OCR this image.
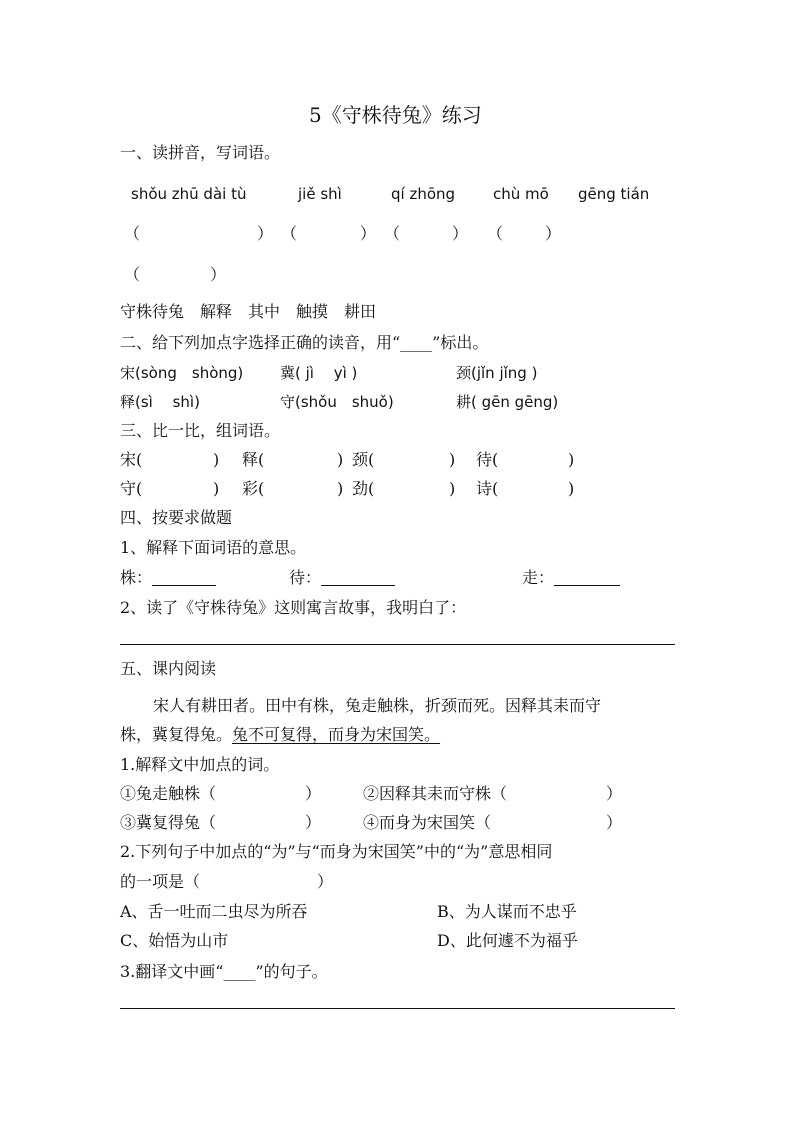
5《守株待兔》练习
一、读拼音，写词语。
shǒu zhū dài tù	jiě shì	qí zhōng	chù mō gēng tián
（	） （	） （	） （	）
（	）
守株待兔　解释　其中　触摸　耕田
二、给下列加点字选择正确的读音，用“____”标出。
宋(sòng　shòng) 冀( jì　 yì )	颈(jǐn jǐng )
释(sì　 shì)	守(shǒu　shuǒ)	耕( gēn gēng)
三、比一比，组词语。
宋(	) 释(	) 颈(	) 待(	)
守(	) 彩(	) 劲(	) 诗(	)
四、按要求做题
1、解释下面词语的意思。
株：	待：	走：
2、读了《守株待兔》这则寓言故事，我明白了：
五、课内阅读
宋人有耕田者。田中有株，兔走触株，折颈而死。因释其耒而守
株，冀复得兔。兔不可复得，而身为宋国笑。
1.解释文中加点的词。
①兔走触株（	）	②因释其耒而守株（	）
③冀复得兔（	）	④而身为宋国笑（	）
2.下列句子中加点的“为”与“而身为宋国笑”中的“为”意思相同
的一项是（	）
A、舌一吐而二虫尽为所吞	B、为人谋而不忠乎
C、始悟为山市	D、此何遽不为福乎
3.翻译文中画“____”的句子。
